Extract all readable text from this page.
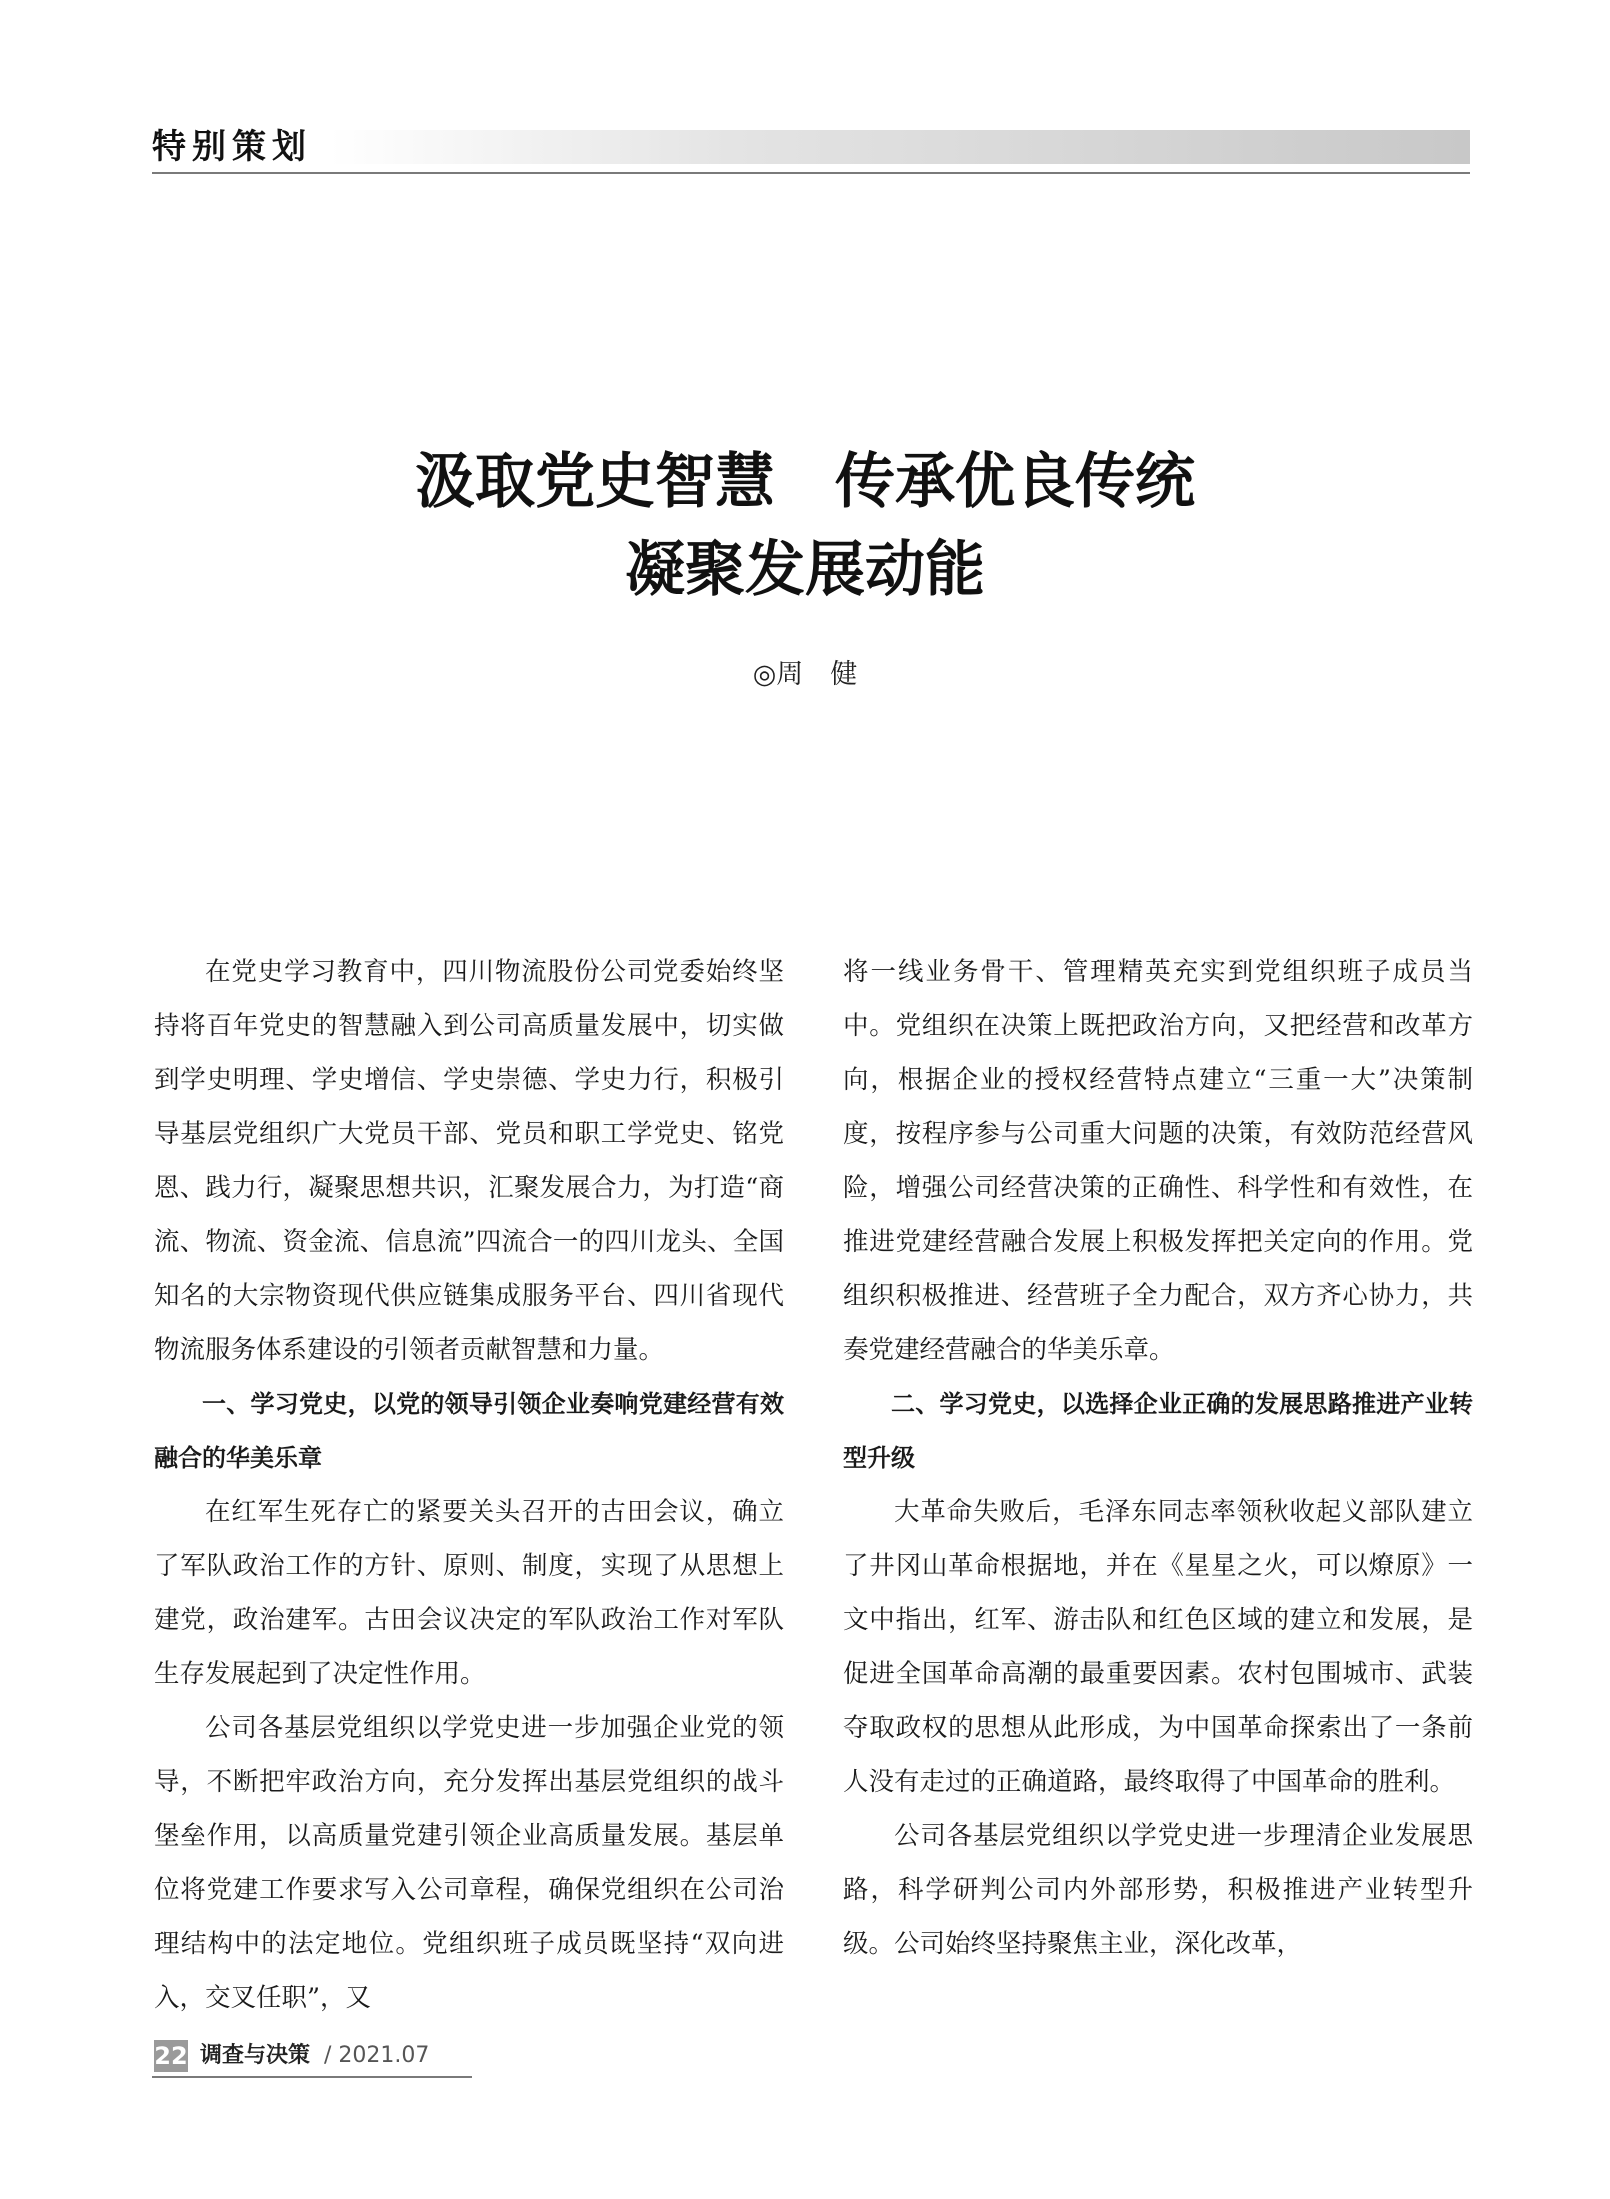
特别策划
汲取党史智慧　传承优良传统
凝聚发展动能
◎周　健

在党史学习教育中，四川物流股份公司党委始终坚持将百年党史的智慧融入到公司高质量发展中，切实做到学史明理、学史增信、学史崇德、学史力行，积极引导基层党组织广大党员干部、党员和职工学党史、铭党恩、践力行，凝聚思想共识，汇聚发展合力，为打造“商流、物流、资金流、信息流”四流合一的四川龙头、全国知名的大宗物资现代供应链集成服务平台、四川省现代物流服务体系建设的引领者贡献智慧和力量。

一、学习党史，以党的领导引领企业奏响党建经营有效融合的华美乐章

在红军生死存亡的紧要关头召开的古田会议，确立了军队政治工作的方针、原则、制度，实现了从思想上建党，政治建军。古田会议决定的军队政治工作对军队生存发展起到了决定性作用。

公司各基层党组织以学党史进一步加强企业党的领导，不断把牢政治方向，充分发挥出基层党组织的战斗堡垒作用，以高质量党建引领企业高质量发展。基层单位将党建工作要求写入公司章程，确保党组织在公司治理结构中的法定地位。党组织班子成员既坚持“双向进入，交叉任职”，又

将一线业务骨干、管理精英充实到党组织班子成员当中。党组织在决策上既把政治方向，又把经营和改革方向，根据企业的授权经营特点建立“三重一大”决策制度，按程序参与公司重大问题的决策，有效防范经营风险，增强公司经营决策的正确性、科学性和有效性，在推进党建经营融合发展上积极发挥把关定向的作用。党组织积极推进、经营班子全力配合，双方齐心协力，共奏党建经营融合的华美乐章。

二、学习党史，以选择企业正确的发展思路推进产业转型升级

大革命失败后，毛泽东同志率领秋收起义部队建立了井冈山革命根据地，并在《星星之火，可以燎原》一文中指出，红军、游击队和红色区域的建立和发展，是促进全国革命高潮的最重要因素。农村包围城市、武装夺取政权的思想从此形成，为中国革命探索出了一条前人没有走过的正确道路，最终取得了中国革命的胜利。

公司各基层党组织以学党史进一步理清企业发展思路，科学研判公司内外部形势，积极推进产业转型升级。公司始终坚持聚焦主业，深化改革，

22 调查与决策 / 2021.07
